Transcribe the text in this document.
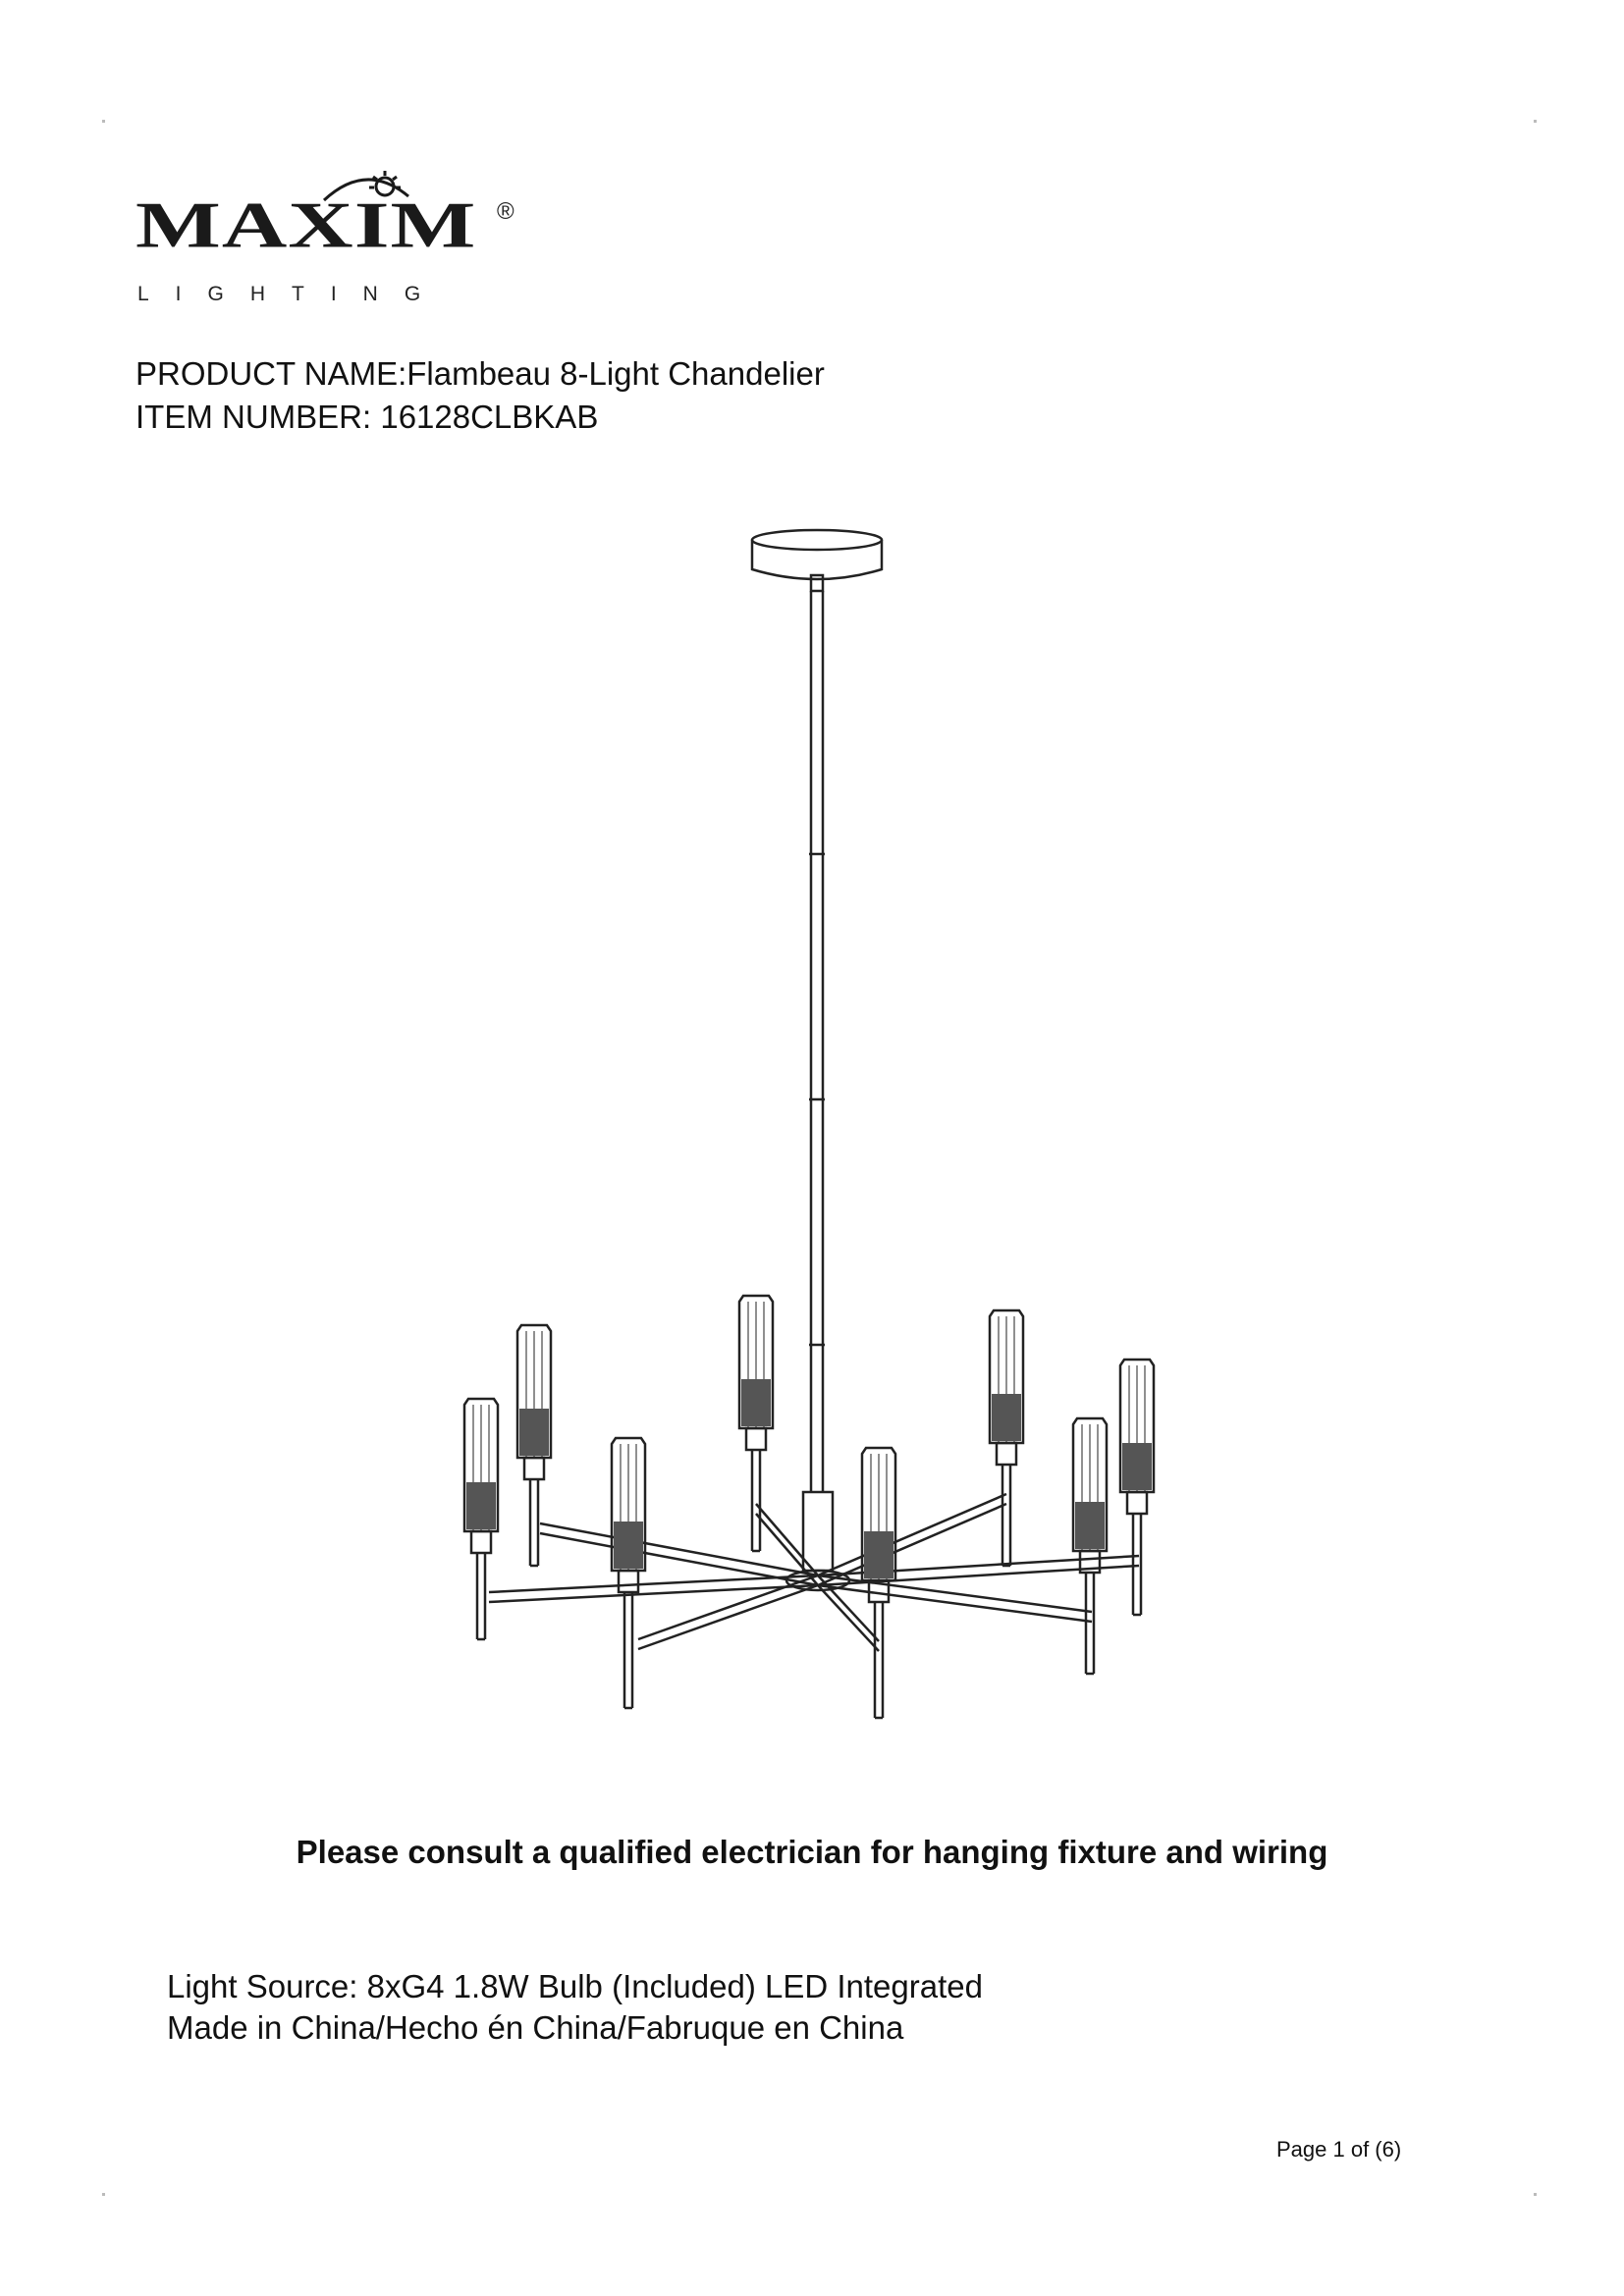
MAXIM ®
LIGHTING
PRODUCT NAME:Flambeau 8-Light Chandelier
ITEM NUMBER: 16128CLBKAB
Please consult a qualified electrician for hanging fixture and wiring
Light Source: 8xG4 1.8W Bulb (Included) LED Integrated
Made in China/Hecho én China/Fabruque en China
Page 1 of (6)
